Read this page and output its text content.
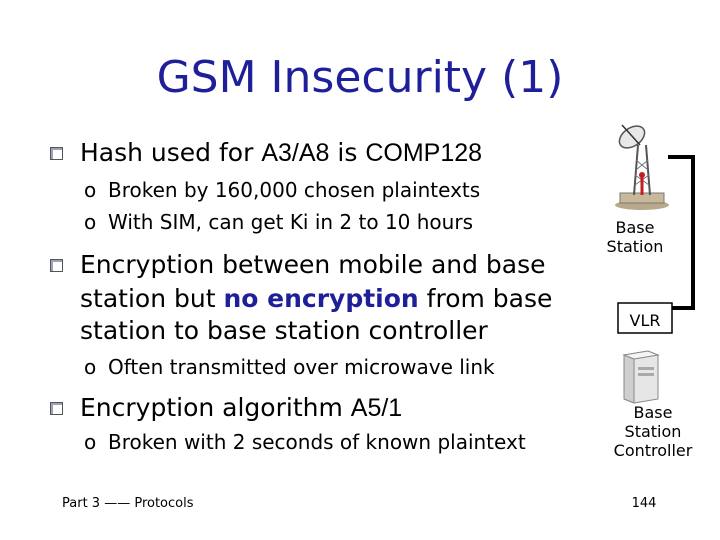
GSM Insecurity (1)
Hash used for A3/A8 is COMP128
o Broken by 160,000 chosen plaintexts
o With SIM, can get Ki in 2 to 10 hours
Encryption between mobile and base
station but no encryption from base
station to base station controller
o Often transmitted over microwave link
Encryption algorithm A5/1
o Broken with 2 seconds of known plaintext
Base
Station
VLR
Base
Station
Controller
Part 3 —— Protocols	144
